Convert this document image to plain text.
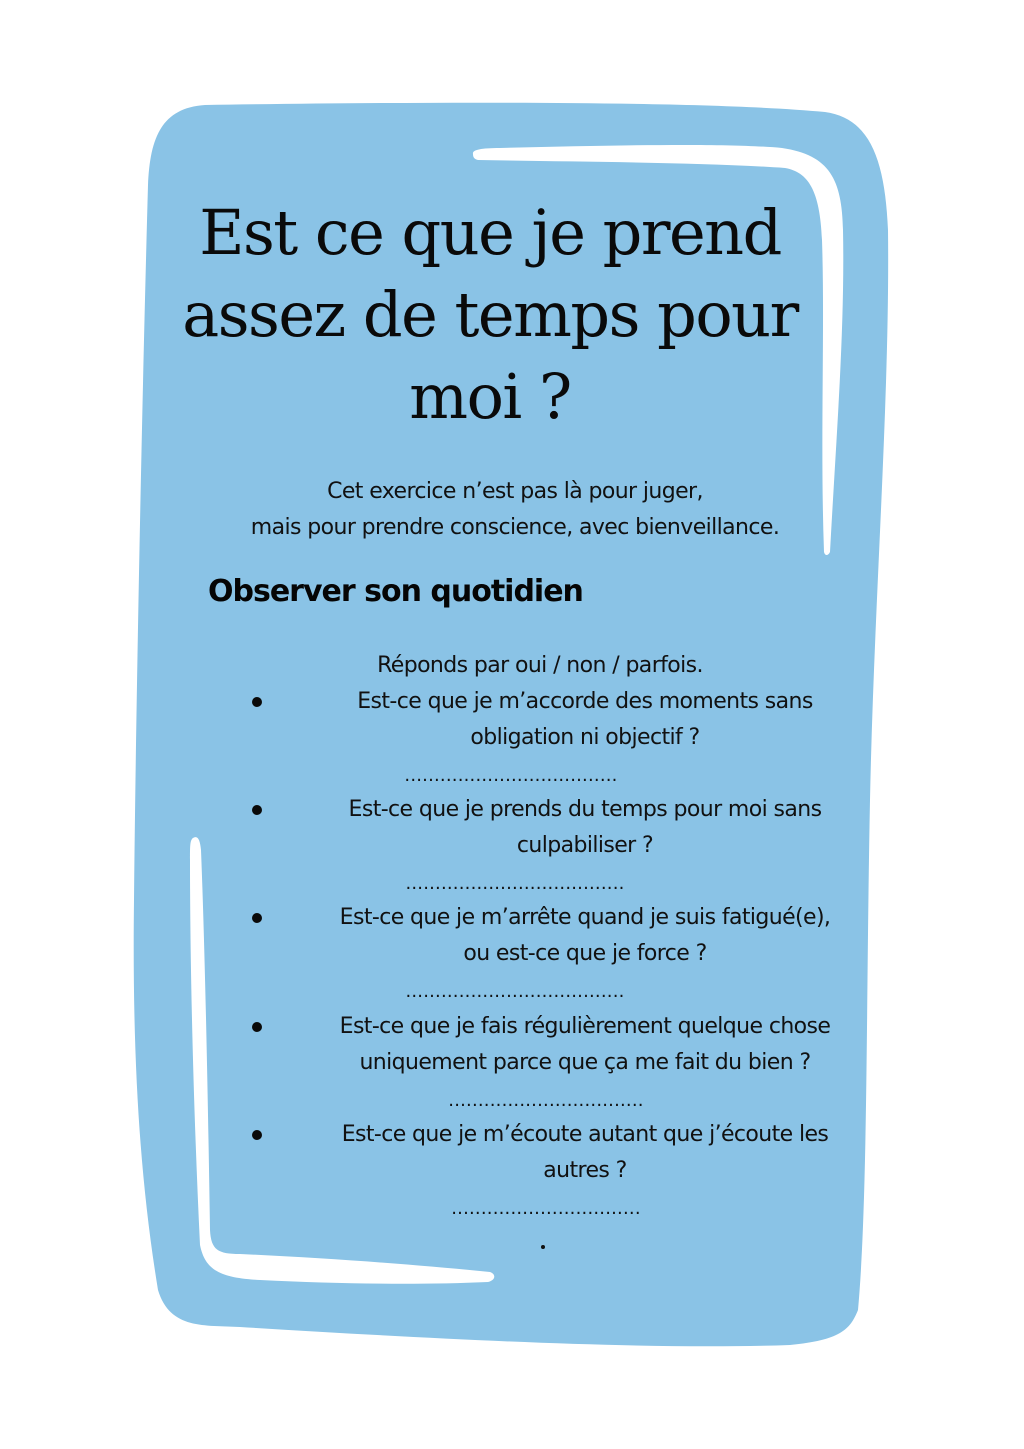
Est ce que je prend
assez de temps pour
moi ?
Cet exercice n’est pas là pour juger,
mais pour prendre conscience, avec bienveillance.
Observer son quotidien
Réponds par oui / non / parfois.
Est-ce que je m’accorde des moments sans
obligation ni objectif ?
....................................
Est-ce que je prends du temps pour moi sans
culpabiliser ?
.....................................
Est-ce que je m’arrête quand je suis fatigué(e),
ou est-ce que je force ?
.....................................
Est-ce que je fais régulièrement quelque chose
uniquement parce que ça me fait du bien ?
.................................
Est-ce que je m’écoute autant que j’écoute les
autres ?
................................
